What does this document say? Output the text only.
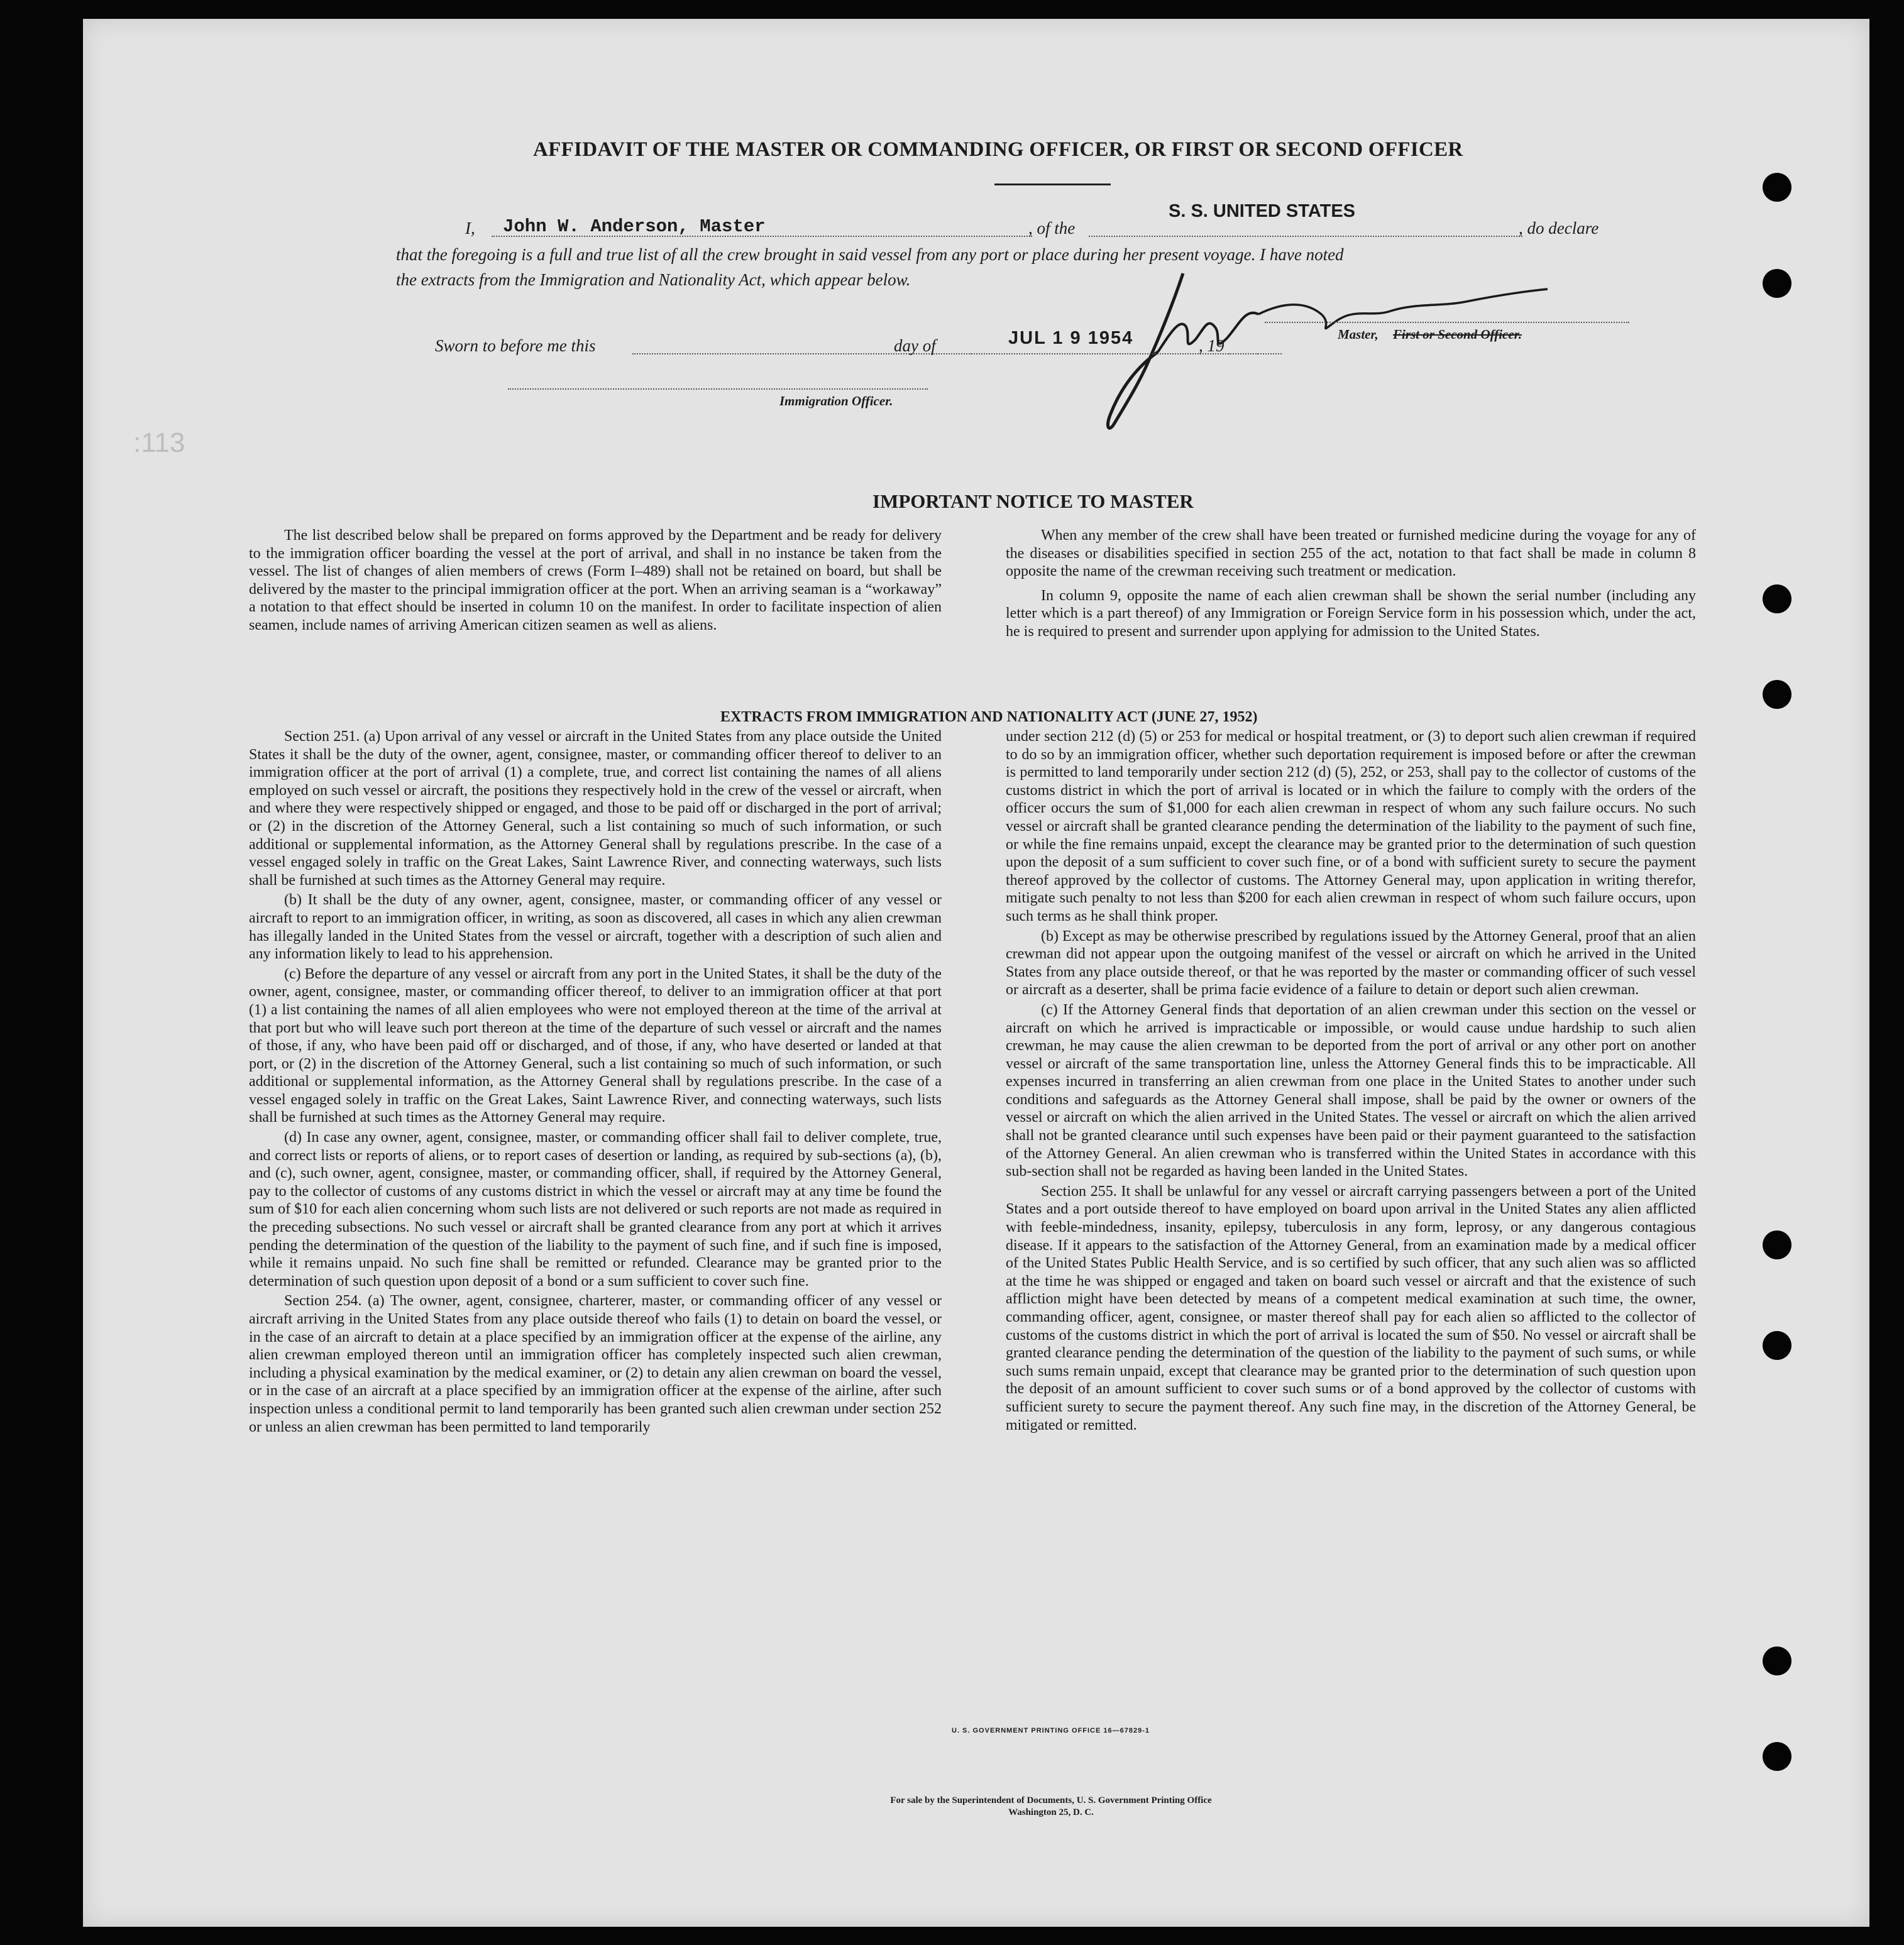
:113
AFFIDAVIT OF THE MASTER OR COMMANDING OFFICER, OR FIRST OR SECOND OFFICER
I, John W. Anderson, Master	, of the
S. S. UNITED STATES
, do declare
that the foregoing is a full and true list of all the crew brought in said vessel from any port or place during her present voyage. I have noted
the extracts from the Immigration and Nationality Act, which appear below.
Master, First or Second Officer.
Sworn to before me this	day of	JUL 1 9 1954	, 19
Immigration Officer.
IMPORTANT NOTICE TO MASTER

The list described below shall be prepared on forms approved by the Department and be ready for delivery to the immigration officer boarding the vessel at the port of arrival, and shall in no instance be taken from the vessel. The list of changes of alien members of crews (Form I–489) shall not be retained on board, but shall be delivered by the master to the principal immigration officer at the port. When an arriving seaman is a “workaway” a notation to that effect should be inserted in column 10 on the manifest. In order to facilitate inspection of alien seamen, include names of arriving American citizen seamen as well as aliens.

When any member of the crew shall have been treated or furnished medicine during the voyage for any of the diseases or disabilities specified in section 255 of the act, notation to that fact shall be made in column 8 opposite the name of the crewman receiving such treatment or medication.

In column 9, opposite the name of each alien crewman shall be shown the serial number (including any letter which is a part thereof) of any Immigration or Foreign Service form in his possession which, under the act, he is required to present and surrender upon applying for admission to the United States.

EXTRACTS FROM IMMIGRATION AND NATIONALITY ACT (JUNE 27, 1952)

Section 251. (a) Upon arrival of any vessel or aircraft in the United States from any place outside the United States it shall be the duty of the owner, agent, consignee, master, or commanding officer thereof to deliver to an immigration officer at the port of arrival (1) a complete, true, and correct list containing the names of all aliens employed on such vessel or aircraft, the positions they respectively hold in the crew of the vessel or aircraft, when and where they were respectively shipped or engaged, and those to be paid off or discharged in the port of arrival; or (2) in the discretion of the Attorney General, such a list containing so much of such information, or such additional or supplemental information, as the Attorney General shall by regulations prescribe. In the case of a vessel engaged solely in traffic on the Great Lakes, Saint Lawrence River, and connecting waterways, such lists shall be furnished at such times as the Attorney General may require.

(b) It shall be the duty of any owner, agent, consignee, master, or commanding officer of any vessel or aircraft to report to an immigration officer, in writing, as soon as discovered, all cases in which any alien crewman has illegally landed in the United States from the vessel or aircraft, together with a description of such alien and any information likely to lead to his apprehension.

(c) Before the departure of any vessel or aircraft from any port in the United States, it shall be the duty of the owner, agent, consignee, master, or commanding officer thereof, to deliver to an immigration officer at that port (1) a list containing the names of all alien employees who were not employed thereon at the time of the arrival at that port but who will leave such port thereon at the time of the departure of such vessel or aircraft and the names of those, if any, who have been paid off or discharged, and of those, if any, who have deserted or landed at that port, or (2) in the discretion of the Attorney General, such a list containing so much of such information, or such additional or supplemental information, as the Attorney General shall by regulations prescribe. In the case of a vessel engaged solely in traffic on the Great Lakes, Saint Lawrence River, and connecting waterways, such lists shall be furnished at such times as the Attorney General may require.

(d) In case any owner, agent, consignee, master, or commanding officer shall fail to deliver complete, true, and correct lists or reports of aliens, or to report cases of desertion or landing, as required by sub-sections (a), (b), and (c), such owner, agent, consignee, master, or commanding officer, shall, if required by the Attorney General, pay to the collector of customs of any customs district in which the vessel or aircraft may at any time be found the sum of $10 for each alien concerning whom such lists are not delivered or such reports are not made as required in the preceding subsections. No such vessel or aircraft shall be granted clearance from any port at which it arrives pending the determination of the question of the liability to the payment of such fine, and if such fine is imposed, while it remains unpaid. No such fine shall be remitted or refunded. Clearance may be granted prior to the determination of such question upon deposit of a bond or a sum sufficient to cover such fine.

Section 254. (a) The owner, agent, consignee, charterer, master, or commanding officer of any vessel or aircraft arriving in the United States from any place outside thereof who fails (1) to detain on board the vessel, or in the case of an aircraft to detain at a place specified by an immigration officer at the expense of the airline, any alien crewman employed thereon until an immigration officer has completely inspected such alien crewman, including a physical examination by the medical examiner, or (2) to detain any alien crewman on board the vessel, or in the case of an aircraft at a place specified by an immigration officer at the expense of the airline, after such inspection unless a conditional permit to land temporarily has been granted such alien crewman under section 252 or unless an alien crewman has been permitted to land temporarily

under section 212 (d) (5) or 253 for medical or hospital treatment, or (3) to deport such alien crewman if required to do so by an immigration officer, whether such deportation requirement is imposed before or after the crewman is permitted to land temporarily under section 212 (d) (5), 252, or 253, shall pay to the collector of customs of the customs district in which the port of arrival is located or in which the failure to comply with the orders of the officer occurs the sum of $1,000 for each alien crewman in respect of whom any such failure occurs. No such vessel or aircraft shall be granted clearance pending the determination of the liability to the payment of such fine, or while the fine remains unpaid, except the clearance may be granted prior to the determination of such question upon the deposit of a sum sufficient to cover such fine, or of a bond with sufficient surety to secure the payment thereof approved by the collector of customs. The Attorney General may, upon application in writing therefor, mitigate such penalty to not less than $200 for each alien crewman in respect of whom such failure occurs, upon such terms as he shall think proper.

(b) Except as may be otherwise prescribed by regulations issued by the Attorney General, proof that an alien crewman did not appear upon the outgoing manifest of the vessel or aircraft on which he arrived in the United States from any place outside thereof, or that he was reported by the master or commanding officer of such vessel or aircraft as a deserter, shall be prima facie evidence of a failure to detain or deport such alien crewman.

(c) If the Attorney General finds that deportation of an alien crewman under this section on the vessel or aircraft on which he arrived is impracticable or impossible, or would cause undue hardship to such alien crewman, he may cause the alien crewman to be deported from the port of arrival or any other port on another vessel or aircraft of the same transportation line, unless the Attorney General finds this to be impracticable. All expenses incurred in transferring an alien crewman from one place in the United States to another under such conditions and safeguards as the Attorney General shall impose, shall be paid by the owner or owners of the vessel or aircraft on which the alien arrived in the United States. The vessel or aircraft on which the alien arrived shall not be granted clearance until such expenses have been paid or their payment guaranteed to the satisfaction of the Attorney General. An alien crewman who is transferred within the United States in accordance with this sub-section shall not be regarded as having been landed in the United States.

Section 255. It shall be unlawful for any vessel or aircraft carrying passengers between a port of the United States and a port outside thereof to have employed on board upon arrival in the United States any alien afflicted with feeble-mindedness, insanity, epilepsy, tuberculosis in any form, leprosy, or any dangerous contagious disease. If it appears to the satisfaction of the Attorney General, from an examination made by a medical officer of the United States Public Health Service, and is so certified by such officer, that any such alien was so afflicted at the time he was shipped or engaged and taken on board such vessel or aircraft and that the existence of such affliction might have been detected by means of a competent medical examination at such time, the owner, commanding officer, agent, consignee, or master thereof shall pay for each alien so afflicted to the collector of customs of the customs district in which the port of arrival is located the sum of $50. No vessel or aircraft shall be granted clearance pending the determination of the question of the liability to the payment of such sums, or while such sums remain unpaid, except that clearance may be granted prior to the determination of such question upon the deposit of an amount sufficient to cover such sums or of a bond approved by the collector of customs with sufficient surety to secure the payment thereof. Any such fine may, in the discretion of the Attorney General, be mitigated or remitted.

U. S. GOVERNMENT PRINTING OFFICE 16—67829-1
For sale by the Superintendent of Documents, U. S. Government Printing Office
Washington 25, D. C.
